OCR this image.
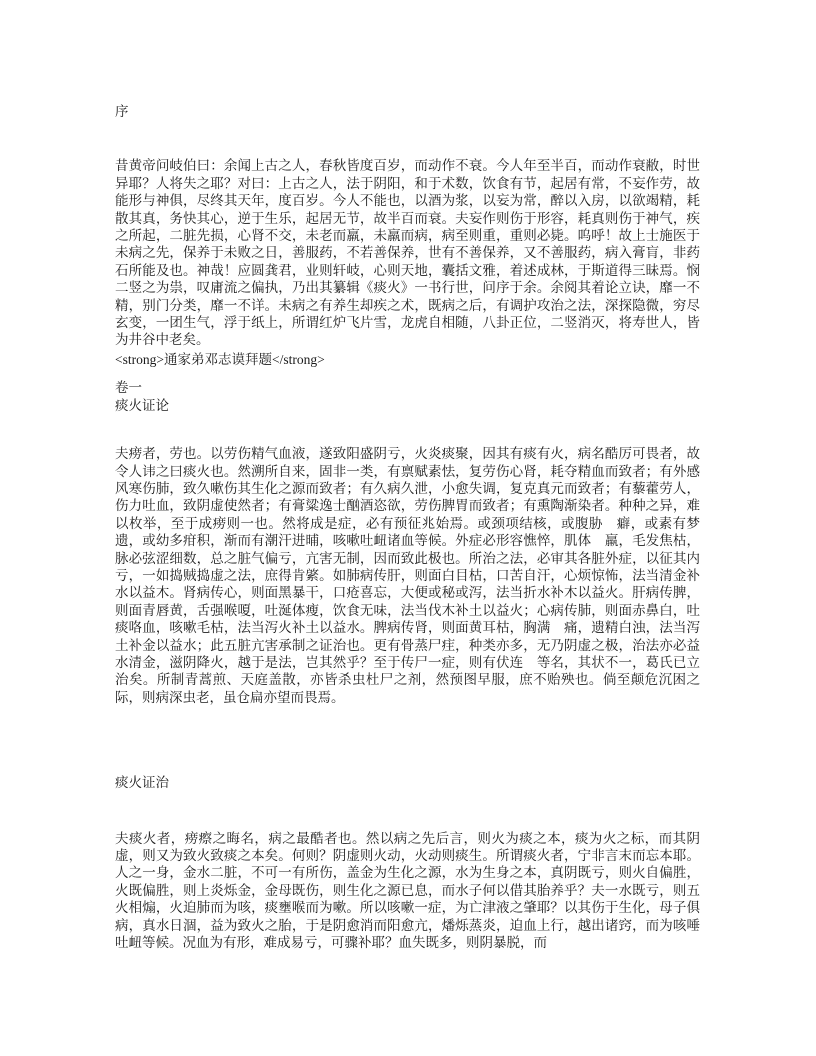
序

昔黄帝问岐伯曰：余闻上古之人，春秋皆度百岁，而动作不衰。今人年至半百，而动作衰敝，时世异耶？人将失之耶？对曰：上古之人，法于阴阳，和于术数，饮食有节，起居有常，不妄作劳，故能形与神俱，尽终其天年，度百岁。今人不能也，以酒为浆，以妄为常，醉以入房，以欲竭精，耗散其真，务快其心，逆于生乐，起居无节，故半百而衰。夫妄作则伤于形容，耗真则伤于神气，疾之所起，二脏先损，心肾不交，未老而羸，未羸而病，病至则重，重则必毙。呜呼！故上士施医于未病之先，保养于未败之日，善服药，不若善保养，世有不善保养，又不善服药，病入膏肓，非药石所能及也。神哉！应圆龚君，业则轩岐，心则天地，囊括文雅，着述成林，于斯道得三昧焉。悯二竖之为祟，叹庸流之偏执，乃出其纂辑《痰火》一书行世，问序于余。余阅其着论立诀，靡一不精，别门分类，靡一不详。未病之有养生却疾之术，既病之后，有调护攻治之法，深探隐微，穷尽玄变，一团生气，浮于纸上，所谓红炉飞片雪，龙虎自相随，八卦正位，二竖消灭，将寿世人，皆为井谷中老矣。

<strong>通家弟邓志谟拜题</strong>

卷一
痰火证论

夫痨者，劳也。以劳伤精气血液，遂致阳盛阴亏，火炎痰聚，因其有痰有火，病名酷厉可畏者，故令人讳之曰痰火也。然溯所自来，固非一类，有禀赋素怯，复劳伤心肾，耗夺精血而致者；有外感风寒伤肺，致久嗽伤其生化之源而致者；有久病久泄，小愈失调，复克真元而致者；有藜藿劳人，伤力吐血，致阴虚使然者；有膏粱逸士酗酒恣欲，劳伤脾胃而致者；有熏陶渐染者。种种之异，难以枚举，至于成痨则一也。然将成是症，必有预征兆始焉。或颈项结核，或腹胁　癖，或素有梦遗，或幼多疳积，渐而有潮汗进晡，咳嗽吐衄诸血等候。外症必形容憔悴，肌体　羸，毛发焦枯，脉必弦涩细数，总之脏气偏亏，亢害无制，因而致此极也。所治之法，必审其各脏外症，以征其内亏，一如捣贼捣虚之法，庶得肯綮。如肺病传肝，则面白目枯，口苦自汗，心烦惊怖，法当清金补水以益木。肾病传心，则面黑暴干，口疮喜忘，大便或秘或泻，法当折水补木以益火。肝病传脾，则面青唇黄，舌强喉嗄，吐涎体瘦，饮食无味，法当伐木补土以益火；心病传肺，则面赤鼻白，吐痰咯血，咳嗽毛枯，法当泻火补土以益水。脾病传肾，则面黄耳枯，胸满　痛，遗精白浊，法当泻土补金以益水；此五脏亢害承制之证治也。更有骨蒸尸疰，种类亦多，无乃阴虚之极，治法亦必益水清金，滋阴降火，越于是法，岂其然乎？至于传尸一症，则有伏连　等名，其状不一，葛氏已立治矣。所制青蒿煎、天庭盖散，亦皆杀虫杜尸之剂，然预图早服，庶不贻殃也。倘至颠危沉困之际，则病深虫老，虽仓扁亦望而畏焉。

痰火证治

夫痰火者，痨瘵之晦名，病之最酷者也。然以病之先后言，则火为痰之本，痰为火之标，而其阴虚，则又为致火致痰之本矣。何则？阴虚则火动，火动则痰生。所谓痰火者，宁非言末而忘本耶。人之一身，金水二脏，不可一有所伤，盖金为生化之源，水为生身之本，真阴既亏，则火自偏胜，火既偏胜，则上炎烁金，金母既伤，则生化之源已息，而水子何以借其胎养乎？夫一水既亏，则五火相煽，火迫肺而为咳，痰壅喉而为嗽。所以咳嗽一症，为亡津液之肇耶？以其伤于生化，母子俱病，真水日涸，益为致火之胎，于是阴愈消而阳愈亢，燔烁蒸炎，迫血上行，越出诸窍，而为咳唾吐衄等候。况血为有形，难成易亏，可骤补耶？血失既多，则阴暴脱，而
